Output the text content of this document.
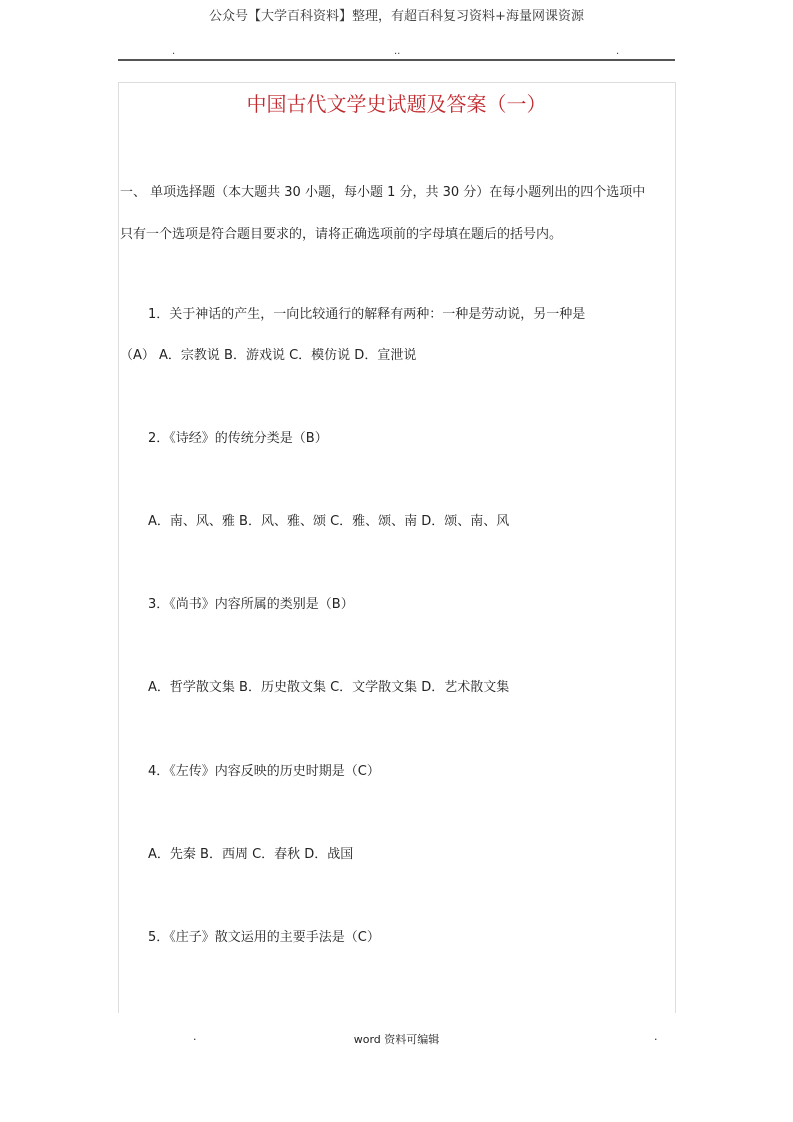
公众号【大学百科资料】整理，有超百科复习资料+海量网课资源
.	..	.
中国古代文学史试题及答案（一）
一、 单项选择题（本大题共 30 小题，每小题 1 分，共 30 分）在每小题列出的四个选项中
只有一个选项是符合题目要求的，请将正确选项前的字母填在题后的括号内。
1．关于神话的产生，一向比较通行的解释有两种：一种是劳动说，另一种是
（A） A．宗教说 B．游戏说 C．模仿说 D．宣泄说
2．《诗经》的传统分类是（B）
A．南、风、雅 B．风、雅、颂 C．雅、颂、南 D．颂、南、风
3．《尚书》内容所属的类别是（B）
A．哲学散文集 B．历史散文集 C．文学散文集 D．艺术散文集
4．《左传》内容反映的历史时期是（C）
A．先秦 B．西周 C．春秋 D．战国
5．《庄子》散文运用的主要手法是（C）
.	word 资料可编辑	.
